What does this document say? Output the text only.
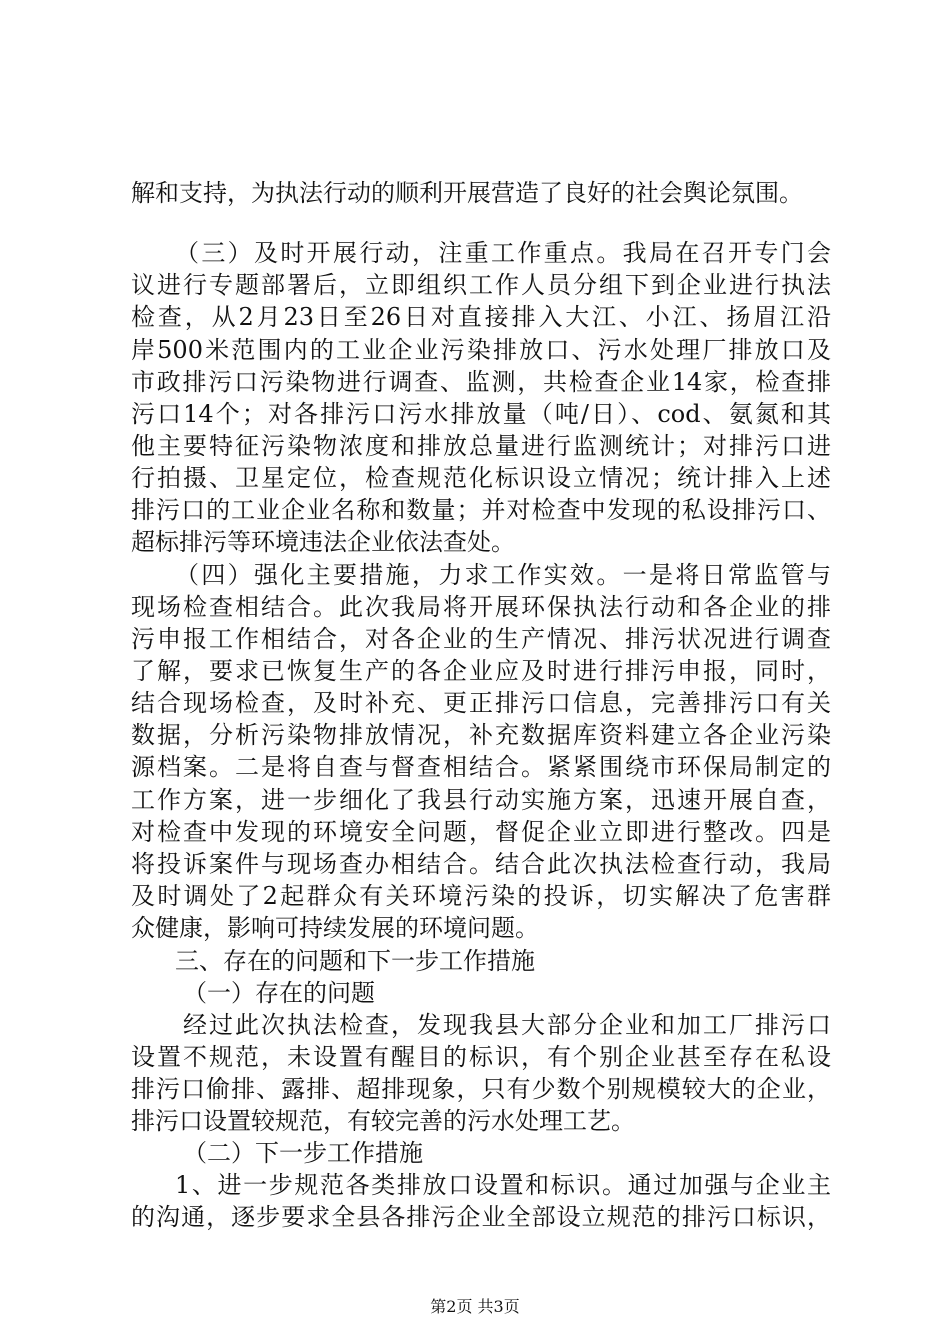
解和支持，为执法行动的顺利开展营造了良好的社会舆论氛围。
（三）及时开展行动，注重工作重点。我局在召开专门会
议进行专题部署后，立即组织工作人员分组下到企业进行执法
检查，从2月23日至26日对直接排入大江、小江、扬眉江沿
岸500米范围内的工业企业污染排放口、污水处理厂排放口及
市政排污口污染物进行调查、监测，共检查企业14家，检查排
污口14个；对各排污口污水排放量（吨/日）、cod、氨氮和其
他主要特征污染物浓度和排放总量进行监测统计；对排污口进
行拍摄、卫星定位，检查规范化标识设立情况；统计排入上述
排污口的工业企业名称和数量；并对检查中发现的私设排污口、
超标排污等环境违法企业依法查处。
（四）强化主要措施，力求工作实效。一是将日常监管与
现场检查相结合。此次我局将开展环保执法行动和各企业的排
污申报工作相结合，对各企业的生产情况、排污状况进行调查
了解，要求已恢复生产的各企业应及时进行排污申报，同时，
结合现场检查，及时补充、更正排污口信息，完善排污口有关
数据，分析污染物排放情况，补充数据库资料建立各企业污染
源档案。二是将自查与督查相结合。紧紧围绕市环保局制定的
工作方案，进一步细化了我县行动实施方案，迅速开展自查，
对检查中发现的环境安全问题，督促企业立即进行整改。四是
将投诉案件与现场查办相结合。结合此次执法检查行动，我局
及时调处了2起群众有关环境污染的投诉，切实解决了危害群
众健康，影响可持续发展的环境问题。
三、存在的问题和下一步工作措施
（一）存在的问题
经过此次执法检查，发现我县大部分企业和加工厂排污口
设置不规范，未设置有醒目的标识，有个别企业甚至存在私设
排污口偷排、露排、超排现象，只有少数个别规模较大的企业，
排污口设置较规范，有较完善的污水处理工艺。
（二）下一步工作措施
1、进一步规范各类排放口设置和标识。通过加强与企业主
的沟通，逐步要求全县各排污企业全部设立规范的排污口标识，
第2页 共3页
